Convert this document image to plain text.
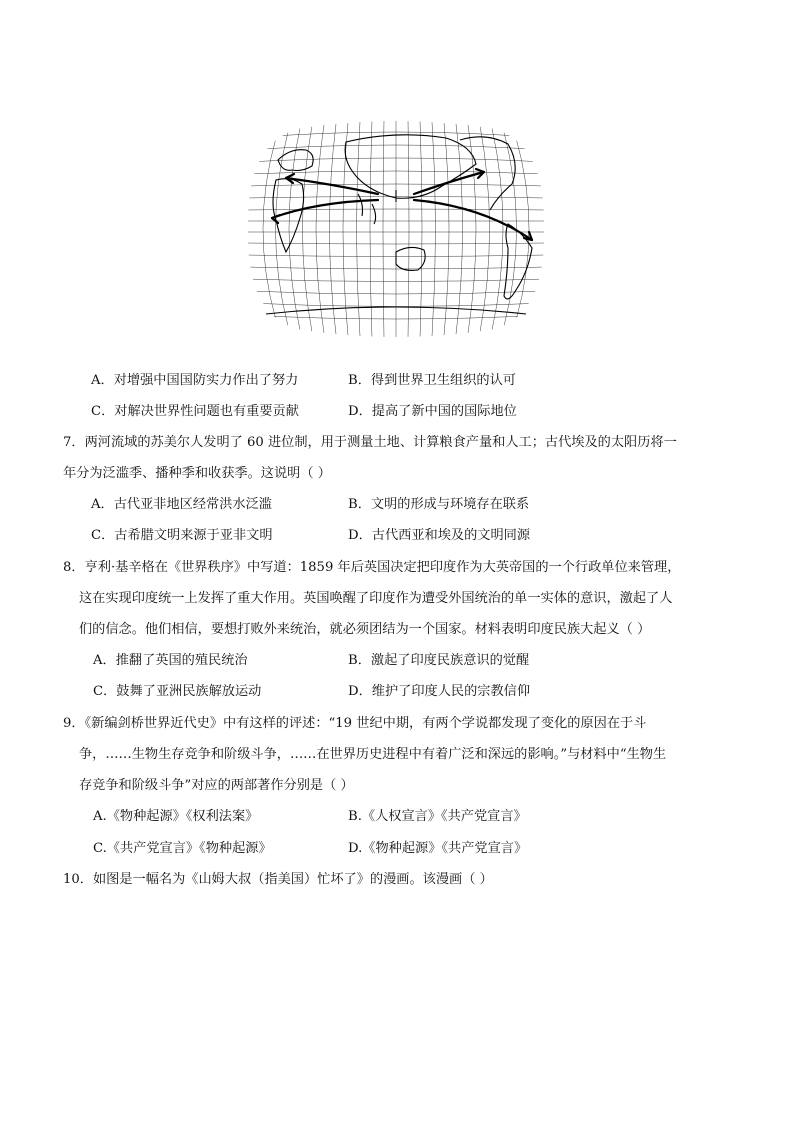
A．对增强中国国防实力作出了努力	B．得到世界卫生组织的认可
C．对解决世界性问题也有重要贡献	D．提高了新中国的国际地位
7．两河流域的苏美尔人发明了 60 进位制，用于测量土地、计算粮食产量和人工；古代埃及的太阳历将一
年分为泛滥季、播种季和收获季。这说明（ ）
A．古代亚非地区经常洪水泛滥	B．文明的形成与环境存在联系
C．古希腊文明来源于亚非文明	D．古代西亚和埃及的文明同源
8．亨利·基辛格在《世界秩序》中写道：1859 年后英国决定把印度作为大英帝国的一个行政单位来管理，
这在实现印度统一上发挥了重大作用。英国唤醒了印度作为遭受外国统治的单一实体的意识，激起了人
们的信念。他们相信，要想打败外来统治，就必须团结为一个国家。材料表明印度民族大起义（ ）
A．推翻了英国的殖民统治	B．激起了印度民族意识的觉醒
C．鼓舞了亚洲民族解放运动	D．维护了印度人民的宗教信仰
9．《新编剑桥世界近代史》中有这样的评述：“19 世纪中期，有两个学说都发现了变化的原因在于斗
争，……生物生存竞争和阶级斗争，……在世界历史进程中有着广泛和深远的影响。”与材料中“生物生
存竞争和阶级斗争”对应的两部著作分别是（ ）
A.《物种起源》《权利法案》	B.《人权宣言》《共产党宣言》
C.《共产党宣言》《物种起源》	D.《物种起源》《共产党宣言》
10．如图是一幅名为《山姆大叔（指美国）忙坏了》的漫画。该漫画（ ）
